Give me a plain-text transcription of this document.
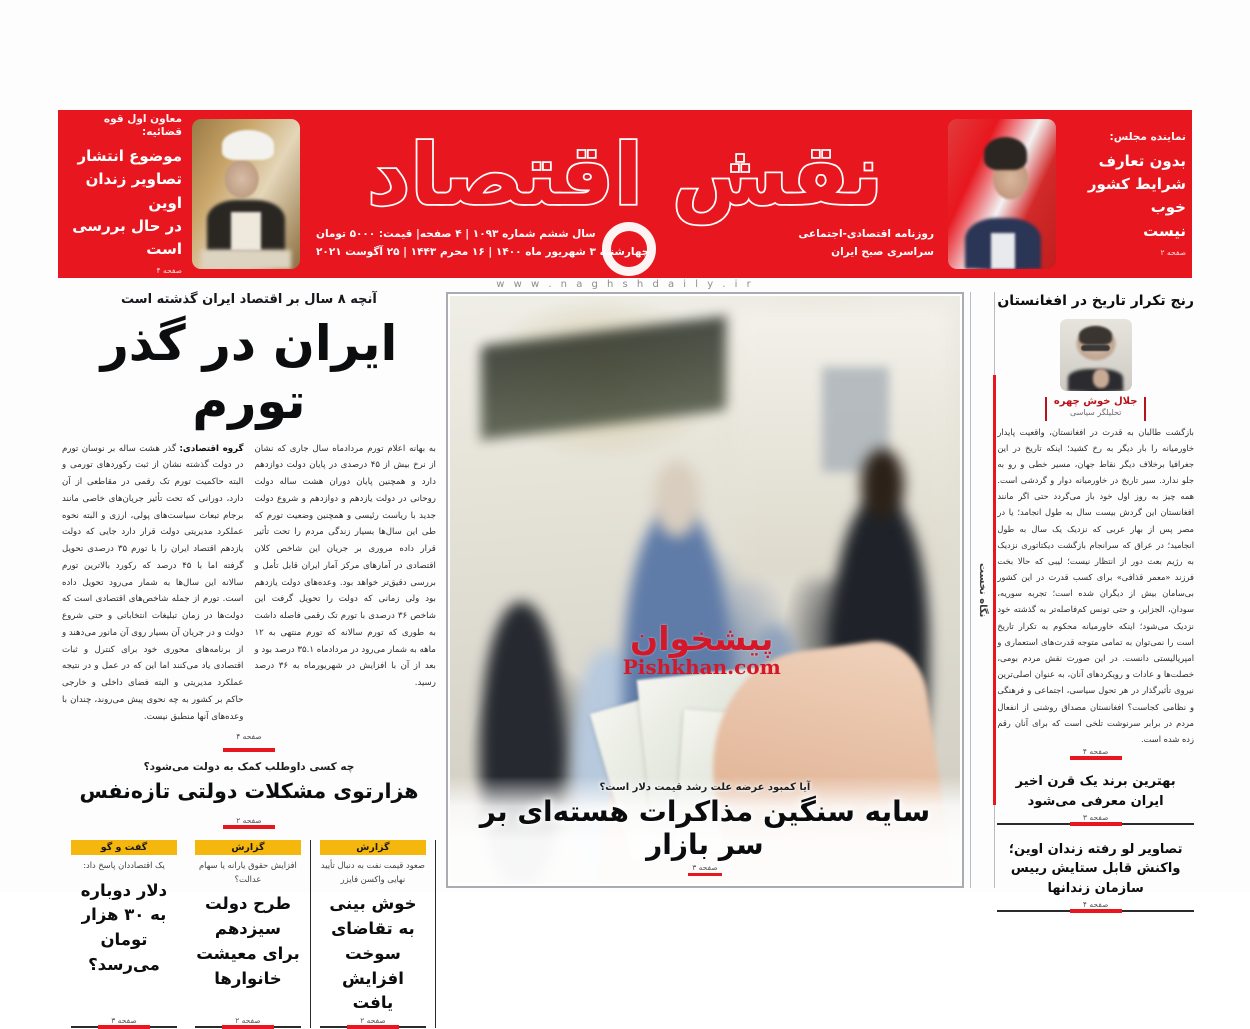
نماینده مجلس:
بدون تعارف
شرایط کشور
خوب
نیست
صفحه ۲
نقش اقتصاد
روزنامه اقتصادی-اجتماعی
سراسری صبح ایران
سال ششم شماره ۱۰۹۳ | ۴ صفحه| قیمت: ۵۰۰۰ تومان
چهارشنبه ۳ شهریور ماه ۱۴۰۰ | ۱۶ محرم ۱۴۴۳ | ۲۵ آگوست ۲۰۲۱
معاون اول قوه قضائیه:
موضوع انتشار
تصاویر زندان اوین
در حال بررسی
است
صفحه ۴
w w w . n a g h s h d a i l y . i r
آنچه ۸ سال بر اقتصاد ایران گذشته است
ایران در گذر تورم
به بهانه اعلام تورم مردادماه سال جاری که نشان از نرخ بیش از ۴۵ درصدی در پایان دولت دوازدهم دارد و همچنین پایان دوران هشت ساله دولت روحانی در دولت یازدهم و دوازدهم و شروع دولت جدید با ریاست رئیسی و همچنین وضعیت تورم که طی این سال‌ها بسیار زندگی مردم را تحت تأثیر قرار داده مروری بر جریان این شاخص کلان اقتصادی در آمارهای مرکز آمار ایران قابل تأمل و بررسی دقیق‌تر خواهد بود. وعده‌های دولت یازدهم بود ولی زمانی که دولت را تحویل گرفت این شاخص ۳۶ درصدی با تورم تک رقمی فاصله داشت به طوری که تورم سالانه که تورم منتهی به ۱۲ ماهه به شمار می‌رود در مردادماه ۳۵.۱ درصد بود و بعد از آن با افزایش در شهریورماه به ۳۶ درصد رسید.
گروه اقتصادی: گذر هشت ساله بر نوسان تورم در دولت گذشته نشان از ثبت رکوردهای تورمی و البته حاکمیت تورم تک رقمی در مقاطعی از آن دارد، دورانی که تحت تأثیر جریان‌های خاصی مانند برجام تبعات سیاست‌های پولی، ارزی و البته نحوه عملکرد مدیریتی دولت قرار دارد جایی که دولت یازدهم اقتصاد ایران را با تورم ۳۵ درصدی تحویل گرفته اما با ۴۵ درصد که رکورد بالاترین تورم سالانه این سال‌ها به شمار می‌رود تحویل داده است. تورم از جمله شاخص‌های اقتصادی است که دولت‌ها در زمان تبلیغات انتخاباتی و حتی شروع دولت و در جریان آن بسیار روی آن مانور می‌دهند و از برنامه‌های محوری خود برای کنترل و ثبات اقتصادی یاد می‌کنند اما این که در عمل و در نتیجه عملکرد مدیریتی و البته فضای داخلی و خارجی حاکم بر کشور به چه نحوی پیش می‌روند، چندان با وعده‌های آنها منطبق نیست.
صفحه ۴
چه کسی داوطلب کمک به دولت می‌شود؟
هزارتوی مشکلات دولتی تازه‌نفس
صفحه ۲
گفت و گو
یک اقتصاددان پاسخ داد:
دلار دوباره به ۳۰ هزار تومان می‌رسد؟
صفحه ۳
گزارش
افزایش حقوق یارانه یا سهام عدالت؟
طرح دولت سیزدهم برای معیشت خانوارها
صفحه ۲
گزارش
صعود قیمت نفت به دنبال تأیید نهایی واکسن فایزر
خوش بینی به تقاضای سوخت افزایش یافت
صفحه ۲
پیشخوان
Pishkhan.com
آیا کمبود عرضه علت رشد قیمت دلار است؟
سایه سنگین مذاکرات هسته‌ای بر سر بازار
صفحه ۳
نگاه نخست
رنج تکرار تاریخ در افغانستان
جلال خوش چهره
تحلیلگر سیاسی
بازگشت طالبان به قدرت در افغانستان، واقعیت پایدار خاورمیانه را بار دیگر به رخ کشید؛ اینکه تاریخ در این جغرافیا برخلاف دیگر نقاط جهان، مسیر خطی و رو به جلو ندارد. سیر تاریخ در خاورمیانه دوار و گردشی است. همه چیز به روز اول خود باز می‌گردد حتی اگر مانند افغانستان این گردش بیست سال به طول انجامد؛ یا در مصر پس از بهار عربی که نزدیک یک سال به طول انجامید؛ در عراق که سرانجام بازگشت دیکتاتوری نزدیک به رژیم بعث دور از انتظار نیست؛ لیبی که حالا بخت فرزند «معمر قذافی» برای کسب قدرت در این کشور بی‌سامان بیش از دیگران شده است؛ تجربه سوریه، سودان، الجزایر، و حتی تونس کم‌فاصله‌تر به گذشته خود نزدیک می‌شود؛ اینکه خاورمیانه محکوم به تکرار تاریخ است را نمی‌توان به تمامی متوجه قدرت‌های استعماری و امپریالیستی دانست. در این صورت نقش مردم بومی، خصلت‌ها و عادات و رویکردهای آنان، به عنوان اصلی‌ترین نیروی تأثیرگذار در هر تحول سیاسی، اجتماعی و فرهنگی و نظامی کجاست؟ افغانستان مصداق روشنی از انفعال مردم در برابر سرنوشت تلخی است که برای آنان رقم زده شده است.
صفحه ۴
بهترین برند یک قرن اخیر ایران معرفی می‌شود
صفحه ۳
تصاویر لو رفته زندان اوین؛ واکنش قابل ستایش رییس سازمان زندانها
صفحه ۴
